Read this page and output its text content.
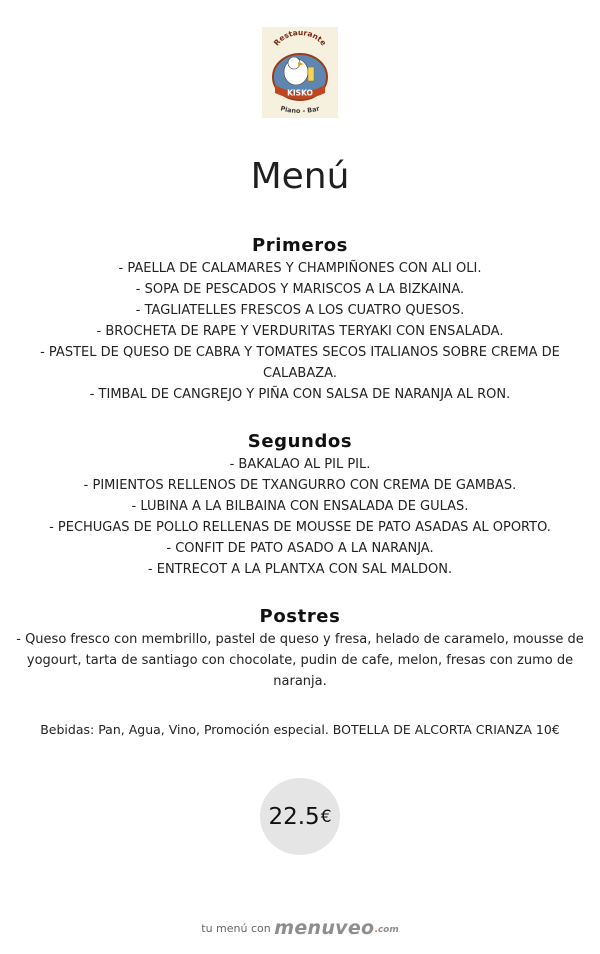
Restaurante
KISKO
Piano - Bar
Menú
Primeros
- PAELLA DE CALAMARES Y CHAMPIÑONES CON ALI OLI.
- SOPA DE PESCADOS Y MARISCOS A LA BIZKAINA.
- TAGLIATELLES FRESCOS A LOS CUATRO QUESOS.
- BROCHETA DE RAPE Y VERDURITAS TERYAKI CON ENSALADA.
- PASTEL DE QUESO DE CABRA Y TOMATES SECOS ITALIANOS SOBRE CREMA DE CALABAZA.
- TIMBAL DE CANGREJO Y PIÑA CON SALSA DE NARANJA AL RON.
Segundos
- BAKALAO AL PIL PIL.
- PIMIENTOS RELLENOS DE TXANGURRO CON CREMA DE GAMBAS.
- LUBINA A LA BILBAINA CON ENSALADA DE GULAS.
- PECHUGAS DE POLLO RELLENAS DE MOUSSE DE PATO ASADAS AL OPORTO.
- CONFIT DE PATO ASADO A LA NARANJA.
- ENTRECOT A LA PLANTXA CON SAL MALDON.
Postres
- Queso fresco con membrillo, pastel de queso y fresa, helado de caramelo, mousse de yogourt, tarta de santiago con chocolate, pudin de cafe, melon, fresas con zumo de naranja.
Bebidas: Pan, Agua, Vino, Promoción especial. BOTELLA DE ALCORTA CRIANZA 10€
22.5 €
tu menú con menuveo.com
